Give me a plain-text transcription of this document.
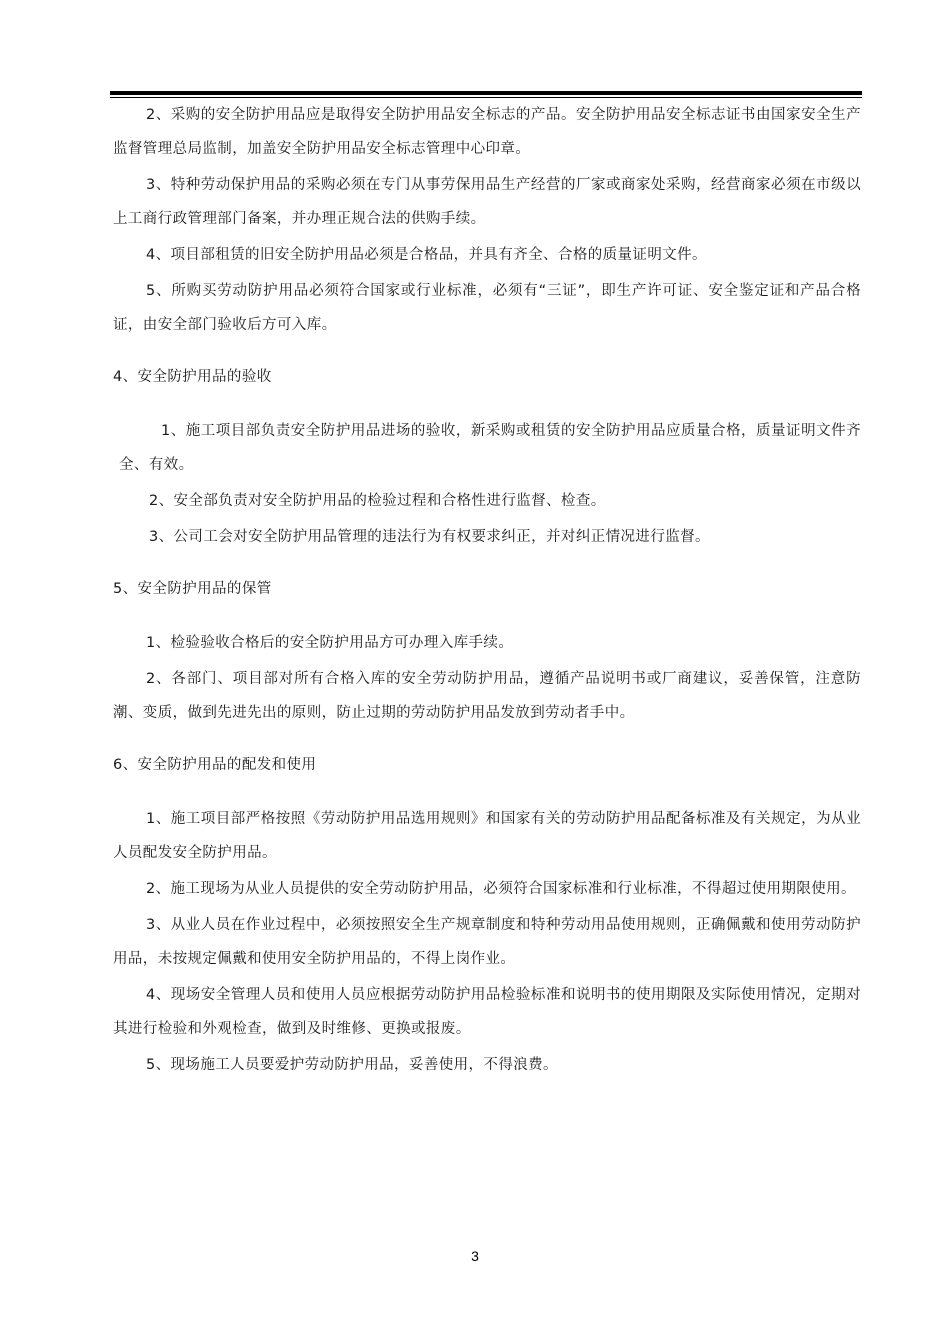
2、采购的安全防护用品应是取得安全防护用品安全标志的产品。安全防护用品安全标志证书由国家安全生产监督管理总局监制，加盖安全防护用品安全标志管理中心印章。

3、特种劳动保护用品的采购必须在专门从事劳保用品生产经营的厂家或商家处采购，经营商家必须在市级以上工商行政管理部门备案，并办理正规合法的供购手续。

4、项目部租赁的旧安全防护用品必须是合格品，并具有齐全、合格的质量证明文件。

5、所购买劳动防护用品必须符合国家或行业标准，必须有“三证”，即生产许可证、安全鉴定证和产品合格证，由安全部门验收后方可入库。

4、安全防护用品的验收

1、施工项目部负责安全防护用品进场的验收，新采购或租赁的安全防护用品应质量合格，质量证明文件齐全、有效。

2、安全部负责对安全防护用品的检验过程和合格性进行监督、检查。

3、公司工会对安全防护用品管理的违法行为有权要求纠正，并对纠正情况进行监督。

5、安全防护用品的保管

1、检验验收合格后的安全防护用品方可办理入库手续。

2、各部门、项目部对所有合格入库的安全劳动防护用品，遵循产品说明书或厂商建议，妥善保管，注意防潮、变质，做到先进先出的原则，防止过期的劳动防护用品发放到劳动者手中。

6、安全防护用品的配发和使用

1、施工项目部严格按照《劳动防护用品选用规则》和国家有关的劳动防护用品配备标准及有关规定，为从业人员配发安全防护用品。

2、施工现场为从业人员提供的安全劳动防护用品，必须符合国家标准和行业标准，不得超过使用期限使用。

3、从业人员在作业过程中，必须按照安全生产规章制度和特种劳动用品使用规则，正确佩戴和使用劳动防护用品，未按规定佩戴和使用安全防护用品的，不得上岗作业。

4、现场安全管理人员和使用人员应根据劳动防护用品检验标准和说明书的使用期限及实际使用情况，定期对其进行检验和外观检查，做到及时维修、更换或报废。

5、现场施工人员要爱护劳动防护用品，妥善使用，不得浪费。

3
